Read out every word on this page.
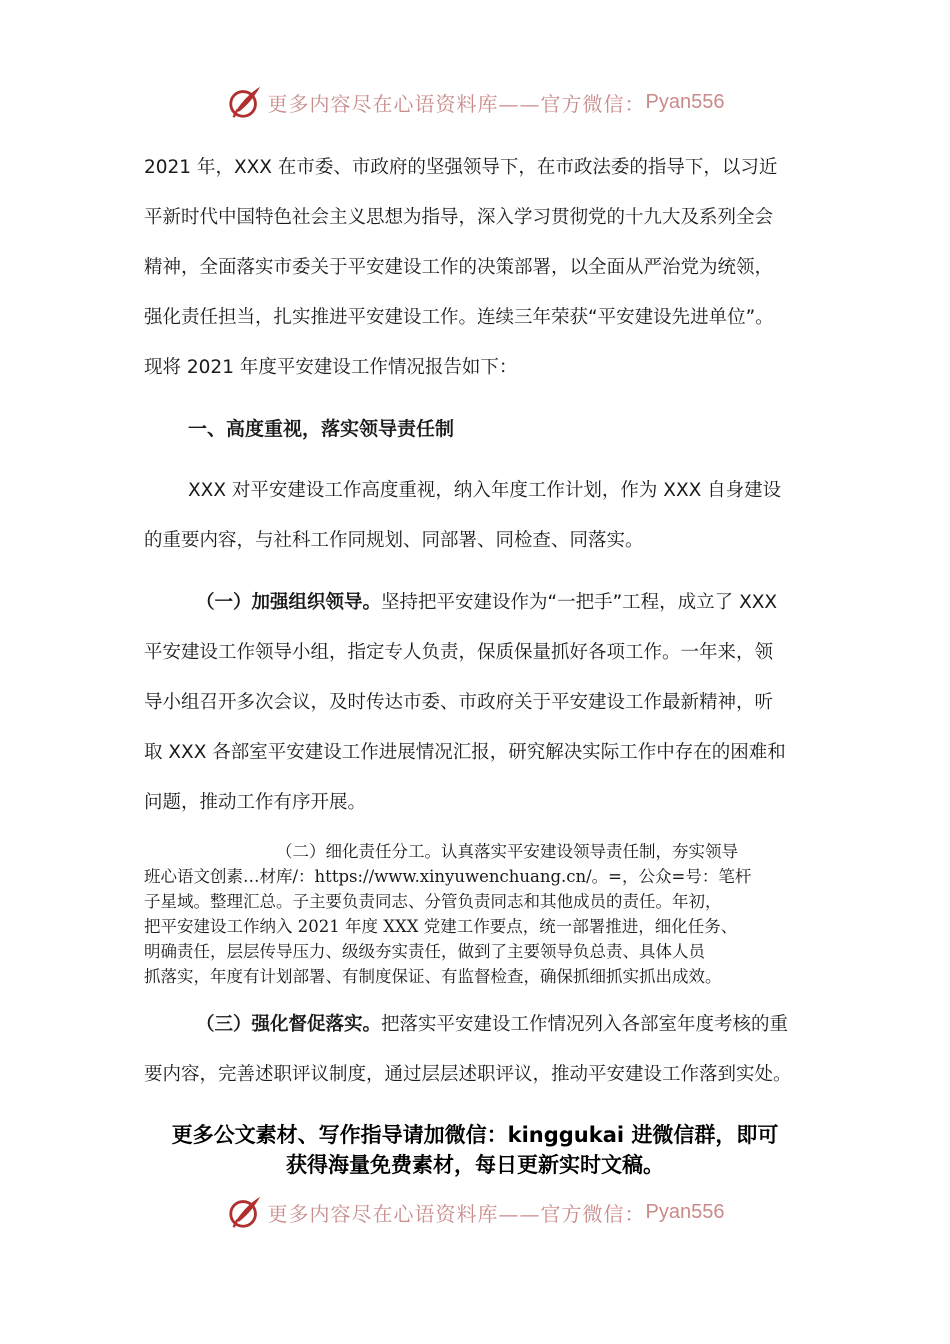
更多内容尽在心语资料库——官方微信： Pyan556
2021 年，XXX 在市委、市政府的坚强领导下，在市政法委的指导下，以习近
平新时代中国特色社会主义思想为指导，深入学习贯彻党的十九大及系列全会
精神，全面落实市委关于平安建设工作的决策部署，以全面从严治党为统领，
强化责任担当，扎实推进平安建设工作。连续三年荣获“平安建设先进单位”。
现将 2021 年度平安建设工作情况报告如下：
一、高度重视，落实领导责任制
XXX 对平安建设工作高度重视，纳入年度工作计划，作为 XXX 自身建设
的重要内容，与社科工作同规划、同部署、同检查、同落实。
（一）加强组织领导。坚持把平安建设作为“一把手”工程，成立了 XXX
平安建设工作领导小组，指定专人负责，保质保量抓好各项工作。一年来，领
导小组召开多次会议，及时传达市委、市政府关于平安建设工作最新精神，听
取 XXX 各部室平安建设工作进展情况汇报，研究解决实际工作中存在的困难和
问题，推动工作有序开展。
（二）细化责任分工。认真落实平安建设领导责任制，夯实领导
班心语文创素…材库/：https://www.xinyuwenchuang.cn/。=，公众=号：笔杆
子星域。整理汇总。子主要负责同志、分管负责同志和其他成员的责任。年初，
把平安建设工作纳入 2021 年度 XXX 党建工作要点，统一部署推进，细化任务、
明确责任，层层传导压力、级级夯实责任，做到了主要领导负总责、具体人员
抓落实，年度有计划部署、有制度保证、有监督检查，确保抓细抓实抓出成效。
（三）强化督促落实。把落实平安建设工作情况列入各部室年度考核的重
要内容，完善述职评议制度，通过层层述职评议，推动平安建设工作落到实处。
更多公文素材、写作指导请加微信：kinggukai 进微信群，即可
获得海量免费素材，每日更新实时文稿。
更多内容尽在心语资料库——官方微信： Pyan556
